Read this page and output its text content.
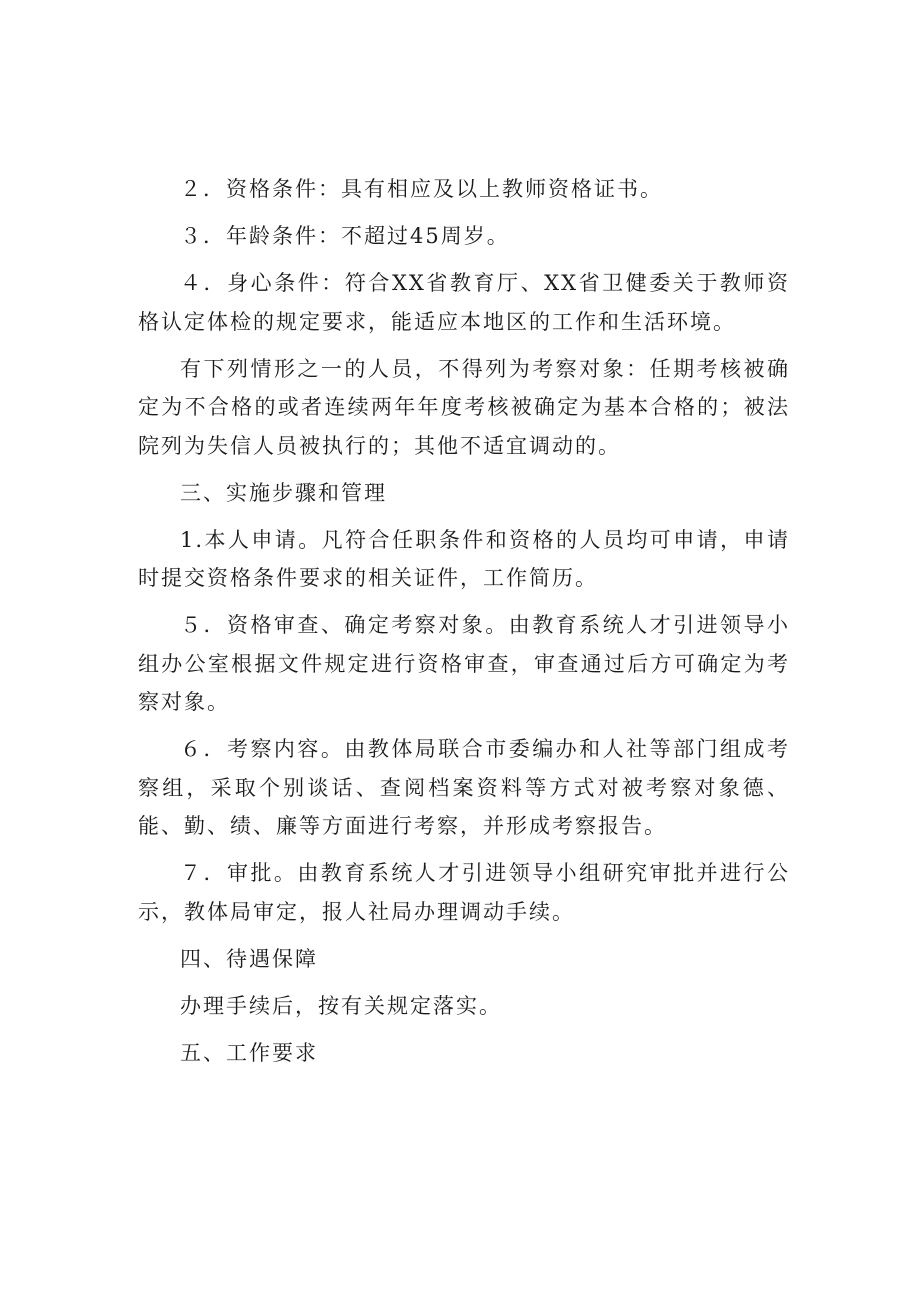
２．资格条件：具有相应及以上教师资格证书。

３．年龄条件：不超过45周岁。

４．身心条件：符合XX省教育厅、XX省卫健委关于教师资格认定体检的规定要求，能适应本地区的工作和生活环境。

有下列情形之一的人员，不得列为考察对象：任期考核被确定为不合格的或者连续两年年度考核被确定为基本合格的；被法院列为失信人员被执行的；其他不适宜调动的。

三、实施步骤和管理

1.本人申请。凡符合任职条件和资格的人员均可申请，申请时提交资格条件要求的相关证件，工作简历。

５．资格审查、确定考察对象。由教育系统人才引进领导小组办公室根据文件规定进行资格审查，审查通过后方可确定为考察对象。

６．考察内容。由教体局联合市委编办和人社等部门组成考察组，采取个别谈话、查阅档案资料等方式对被考察对象德、能、勤、绩、廉等方面进行考察，并形成考察报告。

７．审批。由教育系统人才引进领导小组研究审批并进行公示，教体局审定，报人社局办理调动手续。

四、待遇保障

办理手续后，按有关规定落实。

五、工作要求
